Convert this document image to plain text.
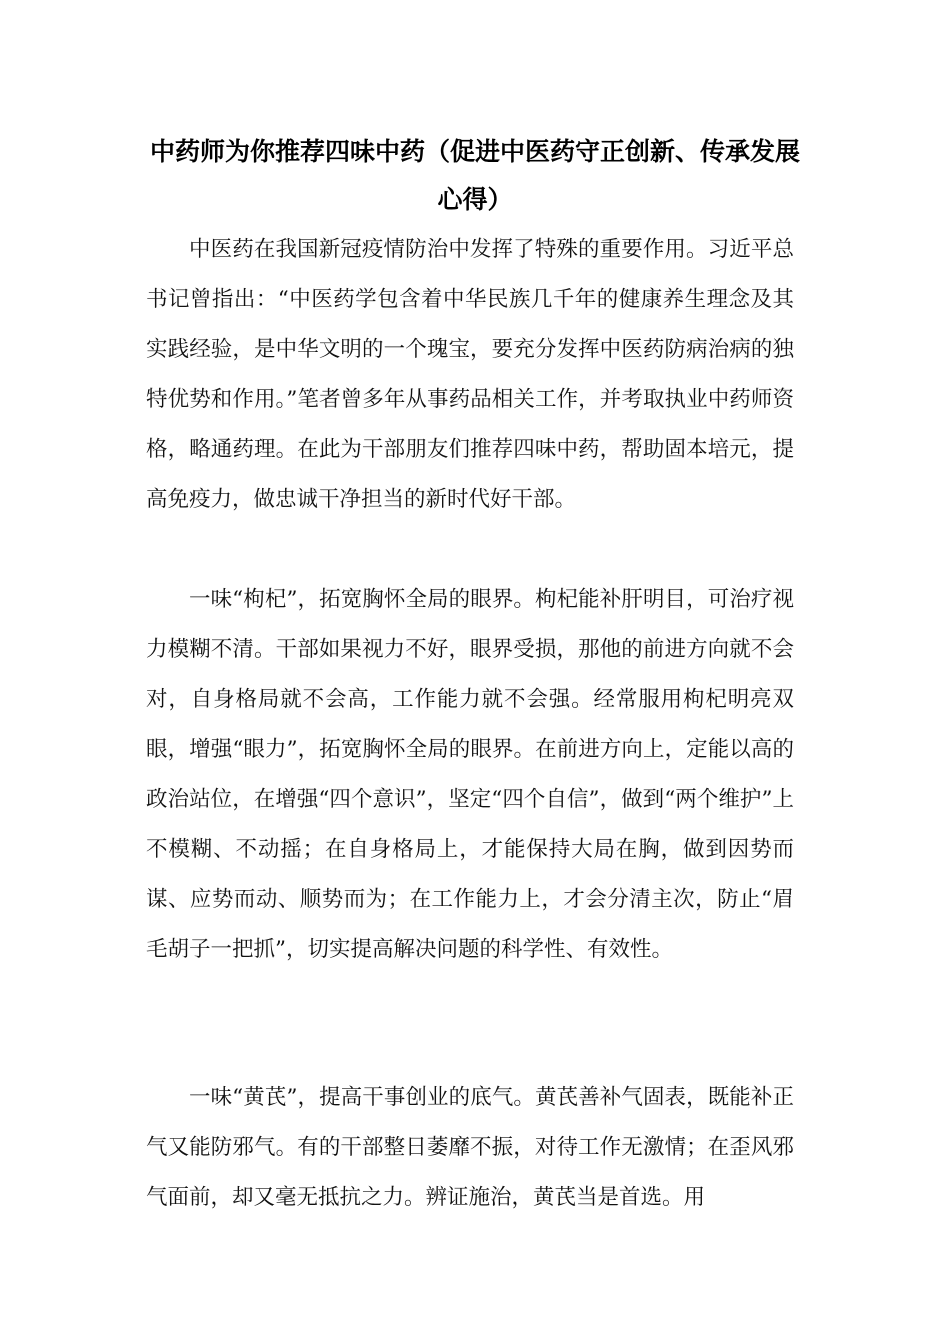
中药师为你推荐四味中药（促进中医药守正创新、传承发展心得）

中医药在我国新冠疫情防治中发挥了特殊的重要作用。习近平总书记曾指出：“中医药学包含着中华民族几千年的健康养生理念及其实践经验，是中华文明的一个瑰宝，要充分发挥中医药防病治病的独特优势和作用。”笔者曾多年从事药品相关工作，并考取执业中药师资格，略通药理。在此为干部朋友们推荐四味中药，帮助固本培元，提高免疫力，做忠诚干净担当的新时代好干部。

一味“枸杞”，拓宽胸怀全局的眼界。枸杞能补肝明目，可治疗视力模糊不清。干部如果视力不好，眼界受损，那他的前进方向就不会对，自身格局就不会高，工作能力就不会强。经常服用枸杞明亮双眼，增强“眼力”，拓宽胸怀全局的眼界。在前进方向上，定能以高的政治站位，在增强“四个意识”，坚定“四个自信”，做到“两个维护”上不模糊、不动摇；在自身格局上，才能保持大局在胸，做到因势而谋、应势而动、顺势而为；在工作能力上，才会分清主次，防止“眉毛胡子一把抓”，切实提高解决问题的科学性、有效性。

一味“黄芪”，提高干事创业的底气。黄芪善补气固表，既能补正气又能防邪气。有的干部整日萎靡不振，对待工作无激情；在歪风邪气面前，却又毫无抵抗之力。辨证施治，黄芪当是首选。用
